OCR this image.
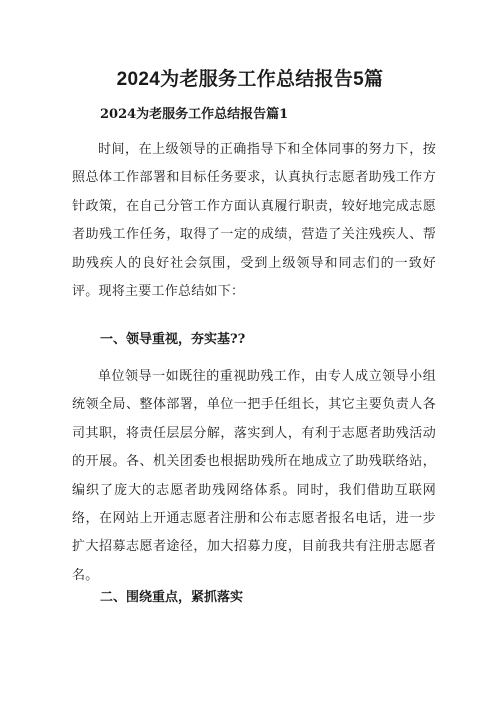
2024为老服务工作总结报告5篇
2024为老服务工作总结报告篇1

时间，在上级领导的正确指导下和全体同事的努力下，按照总体工作部署和目标任务要求，认真执行志愿者助残工作方针政策，在自己分管工作方面认真履行职责，较好地完成志愿者助残工作任务，取得了一定的成绩，营造了关注残疾人、帮助残疾人的良好社会氛围，受到上级领导和同志们的一致好评。现将主要工作总结如下：

一、领导重视，夯实基??

单位领导一如既往的重视助残工作，由专人成立领导小组统领全局、整体部署，单位一把手任组长，其它主要负责人各司其职，将责任层层分解，落实到人，有利于志愿者助残活动的开展。各、机关团委也根据助残所在地成立了助残联络站，编织了庞大的志愿者助残网络体系。同时，我们借助互联网络，在网站上开通志愿者注册和公布志愿者报名电话，进一步扩大招募志愿者途径，加大招募力度，目前我共有注册志愿者名。

二、围绕重点，紧抓落实
